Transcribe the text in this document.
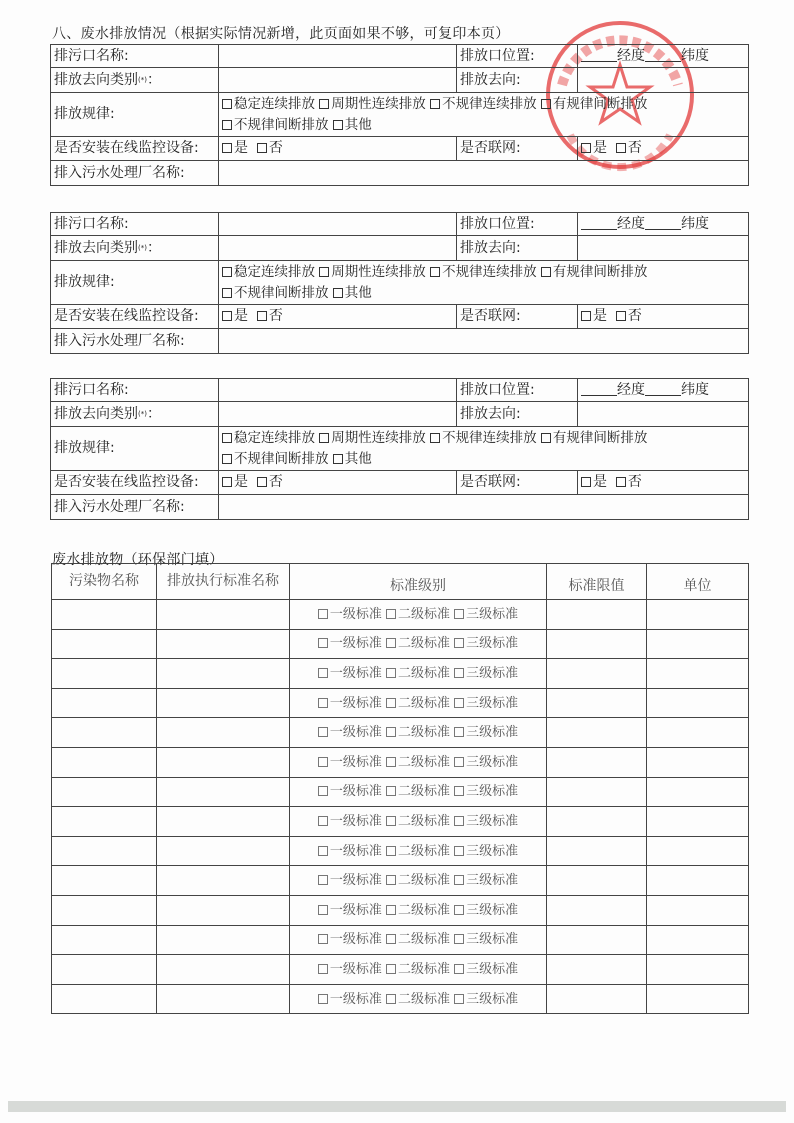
八、废水排放情况（根据实际情况新增，此页面如果不够，可复印本页）
排污口名称:		排放口位置:	经度 纬度
排放去向类别(*)：		排放去向:	
排放规律:	稳定连续排放 周期性连续排放 不规律连续排放 有规律间断排放 不规律间断排放 其他		
是否安装在线监控设备:	是 否	是否联网:	是 否
排入污水处理厂名称:			
排污口名称:		排放口位置:	经度 纬度
排放去向类别(*)：		排放去向:	
排放规律:	稳定连续排放 周期性连续排放 不规律连续排放 有规律间断排放 不规律间断排放 其他		
是否安装在线监控设备:	是 否	是否联网:	是 否
排入污水处理厂名称:			
排污口名称:		排放口位置:	经度 纬度
排放去向类别(*)：		排放去向:	
排放规律:	稳定连续排放 周期性连续排放 不规律连续排放 有规律间断排放 不规律间断排放 其他		
是否安装在线监控设备:	是 否	是否联网:	是 否
排入污水处理厂名称:			
废水排放物（环保部门填）
污染物名称	排放执行标准名称	标准级别	标准限值	单位
		一级标准 二级标准 三级标准		
		一级标准 二级标准 三级标准		
		一级标准 二级标准 三级标准		
		一级标准 二级标准 三级标准		
		一级标准 二级标准 三级标准		
		一级标准 二级标准 三级标准		
		一级标准 二级标准 三级标准		
		一级标准 二级标准 三级标准		
		一级标准 二级标准 三级标准		
		一级标准 二级标准 三级标准		
		一级标准 二级标准 三级标准		
		一级标准 二级标准 三级标准		
		一级标准 二级标准 三级标准		
		一级标准 二级标准 三级标准		
